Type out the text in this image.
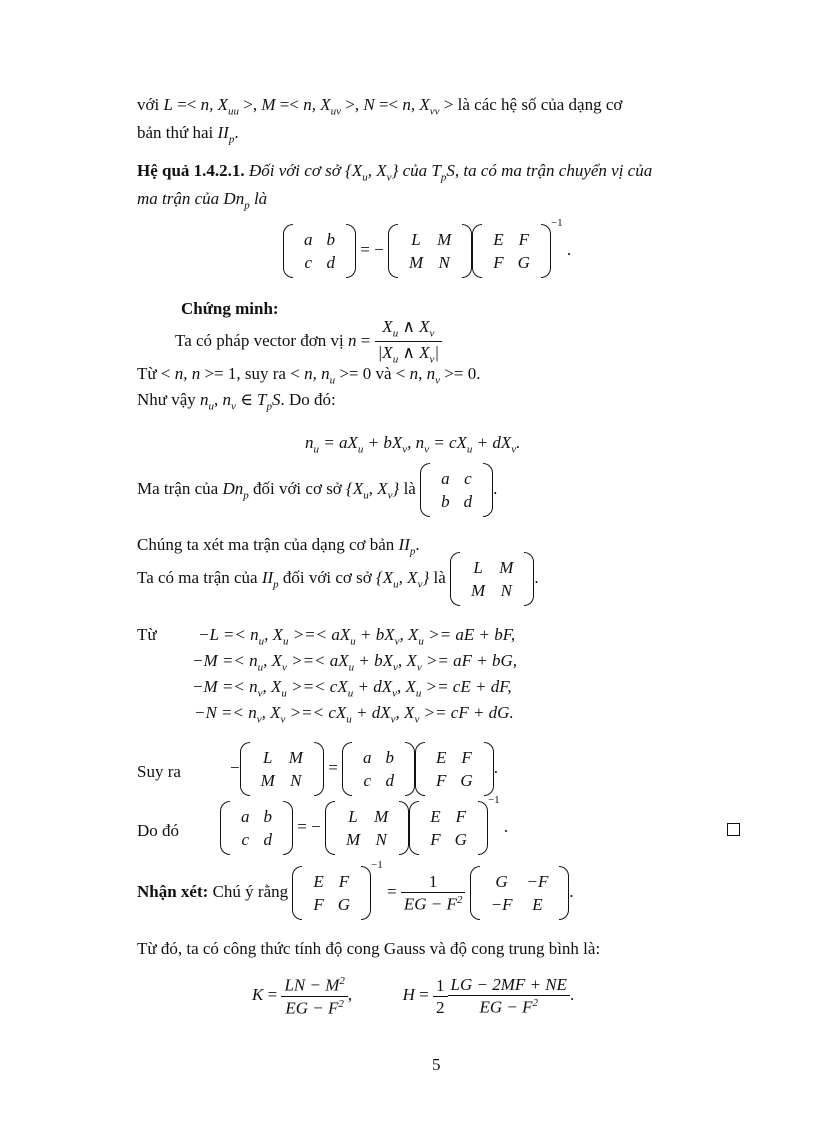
với L =< n, $X_{uu}$ >, M =< n, $X_{uv}$ >, N =< n, $X_{vv}$ > là các hệ số của dạng cơ
bản thứ hai $II_p$.
Hệ quả 1.4.2.1. Đối với cơ sở {$X_u$, $X_v$} của $T_pS$, ta có ma trận chuyển vị của
ma trận của $Dn_p$ là
a	b
c	d
= −
L	M
M	N
E	F
F	G
$^{-1}$ .
Chứng minh:
Ta có pháp vector đơn vị $n = \frac{X_u \wedge X_v}{|X_u \wedge X_v|}$
Từ < n, n >= 1, suy ra < n, $n_u >= 0$ và < n, $n_v >= 0$.
Như vậy $n_u$, $n_v$ ∈ $T_pS$. Do đó:
$n_u = aX_u + bX_v$, $n_v = cX_u + dX_v$.
Ma trận của $Dn_p$ đối với cơ sở {$X_u$, $X_v$} là
a	c
b	d
.
Chúng ta xét ma trận của dạng cơ bản $II_p$.
Ta có ma trận của $II_p$ đối với cơ sở {$X_u$, $X_v$} là
L	M
M	N
.
Từ $-L =< n_u$, $X_u$ >=< $aX_u + bX_v$, $X_u$ >= aE + bF,
$-M =< n_u$, $X_v$ >=< $aX_u + bX_v$, $X_v$ >= aF + bG,
$-M =< n_v$, $X_u$ >=< $cX_u + dX_v$, $X_u$ >= cE + dF,
$-N =< n_v$, $X_v$ >=< $cX_u + dX_v$, $X_v$ >= cF + dG.
Suy ra	−
L	M
M	N
=
a	b
c	d
E	F
F	G
.
Do đó
a	b
c	d
= −
L	M
M	N
E	F
F	G
$^{-1}$ .
Nhận xét: Chú ý rằng
E	F
F	G
$^{-1} = \frac{1}{EG - F^2}$
G	−F
−F	E
.
Từ đó, ta có công thức tính độ cong Gauss và độ cong trung bình là:
$K = \frac{LN - M^2}{EG - F^2}$ ,	$H = \frac{1}{2} \frac{LG - 2MF + NE}{EG - F^2}$ .
5
